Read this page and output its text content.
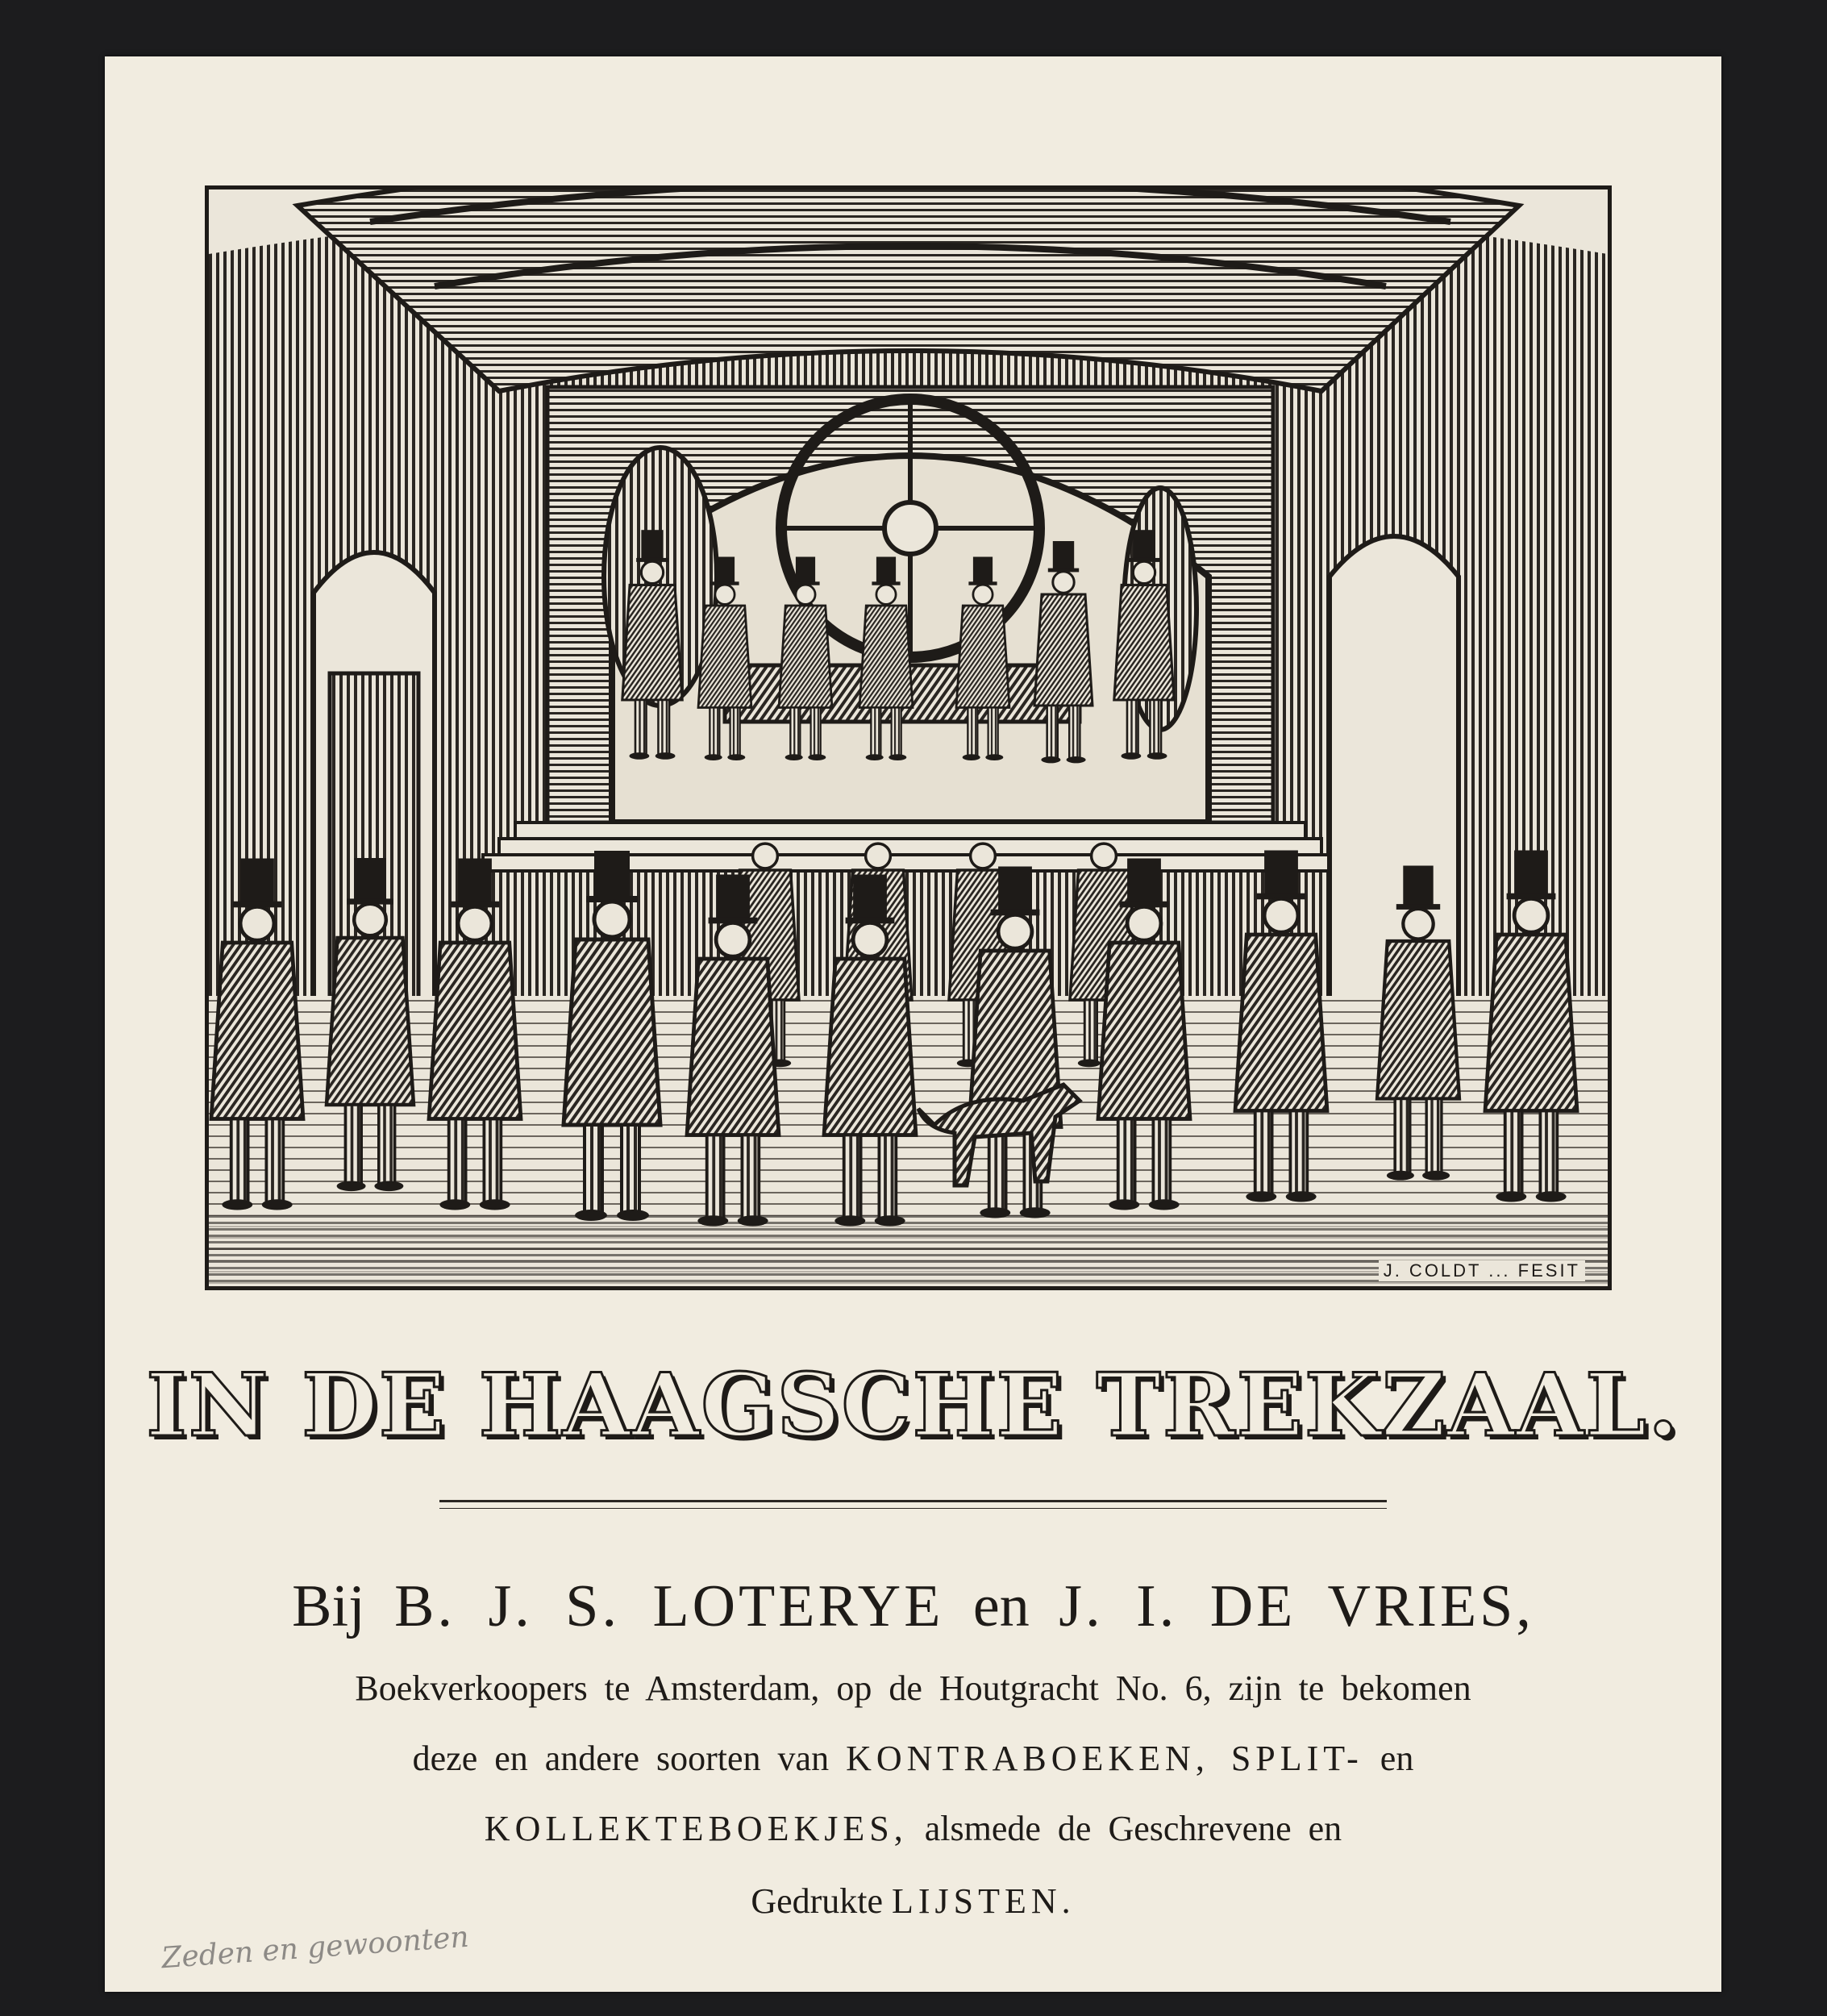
J. COLDT ... FESIT
IN DE HAAGSCHE TREKZAAL.
Bij B. J. S. LOTERYE en J. I. DE VRIES,
Boekverkoopers te Amsterdam, op de Houtgracht No. 6, zijn te bekomen
deze en andere soorten van KONTRABOEKEN, SPLIT- en
KOLLEKTEBOEKJES, alsmede de Geschrevene en
Gedrukte LIJSTEN.
Zeden en gewoonten
